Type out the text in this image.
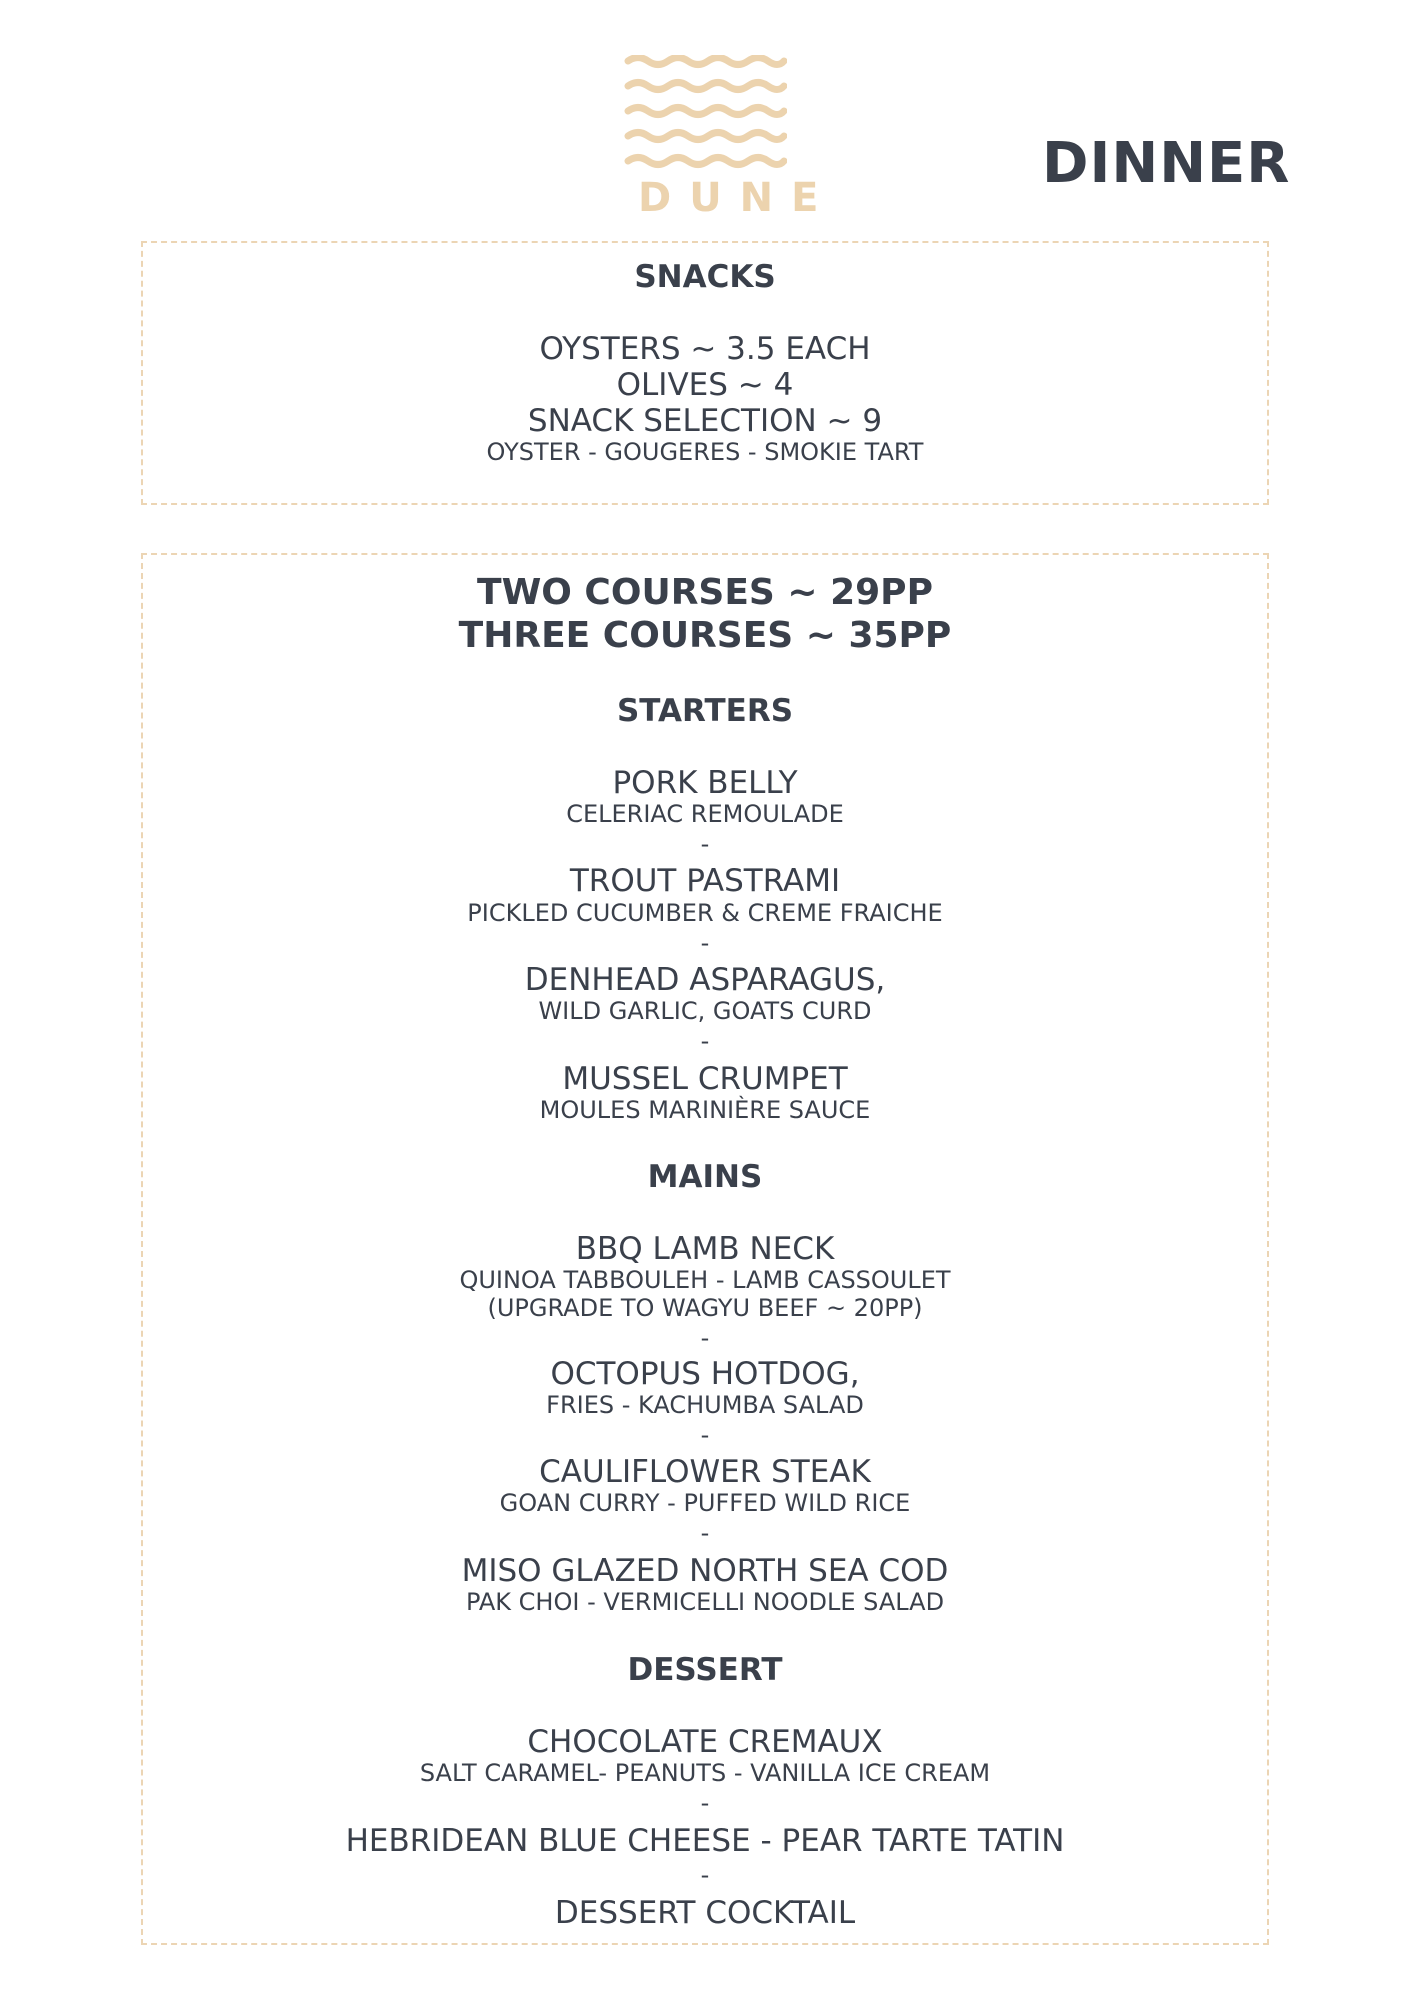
DUNE
DINNER
SNACKS

OYSTERS ~ 3.5 EACH

OLIVES ~ 4

SNACK SELECTION ~ 9

OYSTER - GOUGERES - SMOKIE TART

TWO COURSES ~ 29PP

THREE COURSES ~ 35PP

STARTERS

PORK BELLY

CELERIAC REMOULADE

-

TROUT PASTRAMI

PICKLED CUCUMBER & CREME FRAICHE

-

DENHEAD ASPARAGUS,

WILD GARLIC, GOATS CURD

-

MUSSEL CRUMPET

MOULES MARINIÈRE SAUCE

MAINS

BBQ LAMB NECK

QUINOA TABBOULEH - LAMB CASSOULET

(UPGRADE TO WAGYU BEEF ~ 20PP)

-

OCTOPUS HOTDOG,

FRIES - KACHUMBA SALAD

-

CAULIFLOWER STEAK

GOAN CURRY - PUFFED WILD RICE

-

MISO GLAZED NORTH SEA COD

PAK CHOI - VERMICELLI NOODLE SALAD

DESSERT

CHOCOLATE CREMAUX

SALT CARAMEL- PEANUTS - VANILLA ICE CREAM

-

HEBRIDEAN BLUE CHEESE - PEAR TARTE TATIN

-

DESSERT COCKTAIL
